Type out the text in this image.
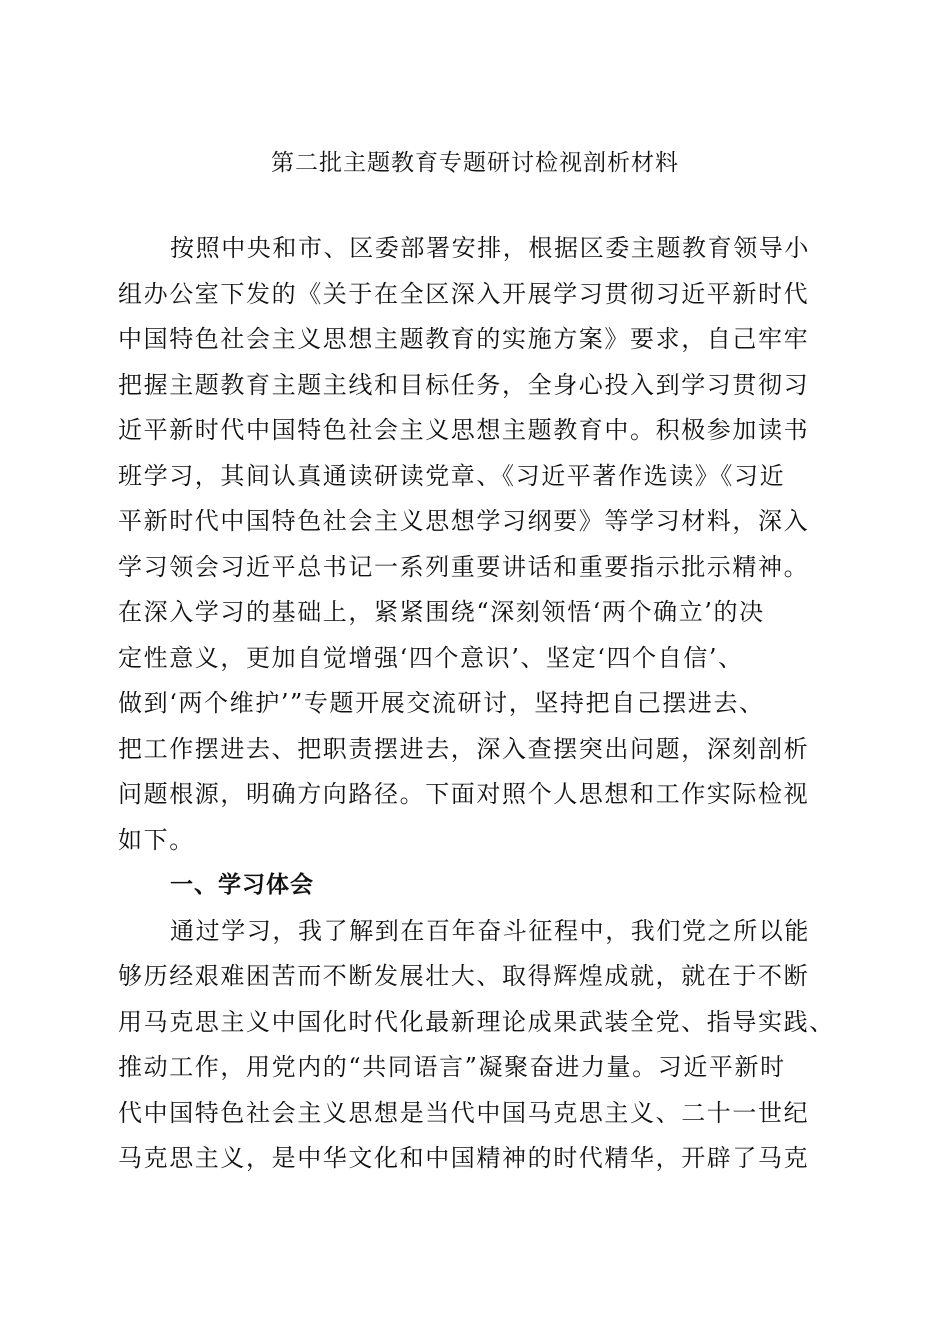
第二批主题教育专题研讨检视剖析材料
按照中央和市、区委部署安排，根据区委主题教育领导小
组办公室下发的《关于在全区深入开展学习贯彻习近平新时代
中国特色社会主义思想主题教育的实施方案》要求，自己牢牢
把握主题教育主题主线和目标任务，全身心投入到学习贯彻习
近平新时代中国特色社会主义思想主题教育中。积极参加读书
班学习，其间认真通读研读党章、《习近平著作选读》《习近
平新时代中国特色社会主义思想学习纲要》等学习材料，深入
学习领会习近平总书记一系列重要讲话和重要指示批示精神。
在深入学习的基础上，紧紧围绕“深刻领悟‘两个确立’的决
定性意义，更加自觉增强‘四个意识’、坚定‘四个自信’、
做到‘两个维护’”专题开展交流研讨，坚持把自己摆进去、
把工作摆进去、把职责摆进去，深入查摆突出问题，深刻剖析
问题根源，明确方向路径。下面对照个人思想和工作实际检视
如下。
一、学习体会
通过学习，我了解到在百年奋斗征程中，我们党之所以能
够历经艰难困苦而不断发展壮大、取得辉煌成就，就在于不断
用马克思主义中国化时代化最新理论成果武装全党、指导实践、
推动工作，用党内的“共同语言”凝聚奋进力量。习近平新时
代中国特色社会主义思想是当代中国马克思主义、二十一世纪
马克思主义，是中华文化和中国精神的时代精华，开辟了马克
